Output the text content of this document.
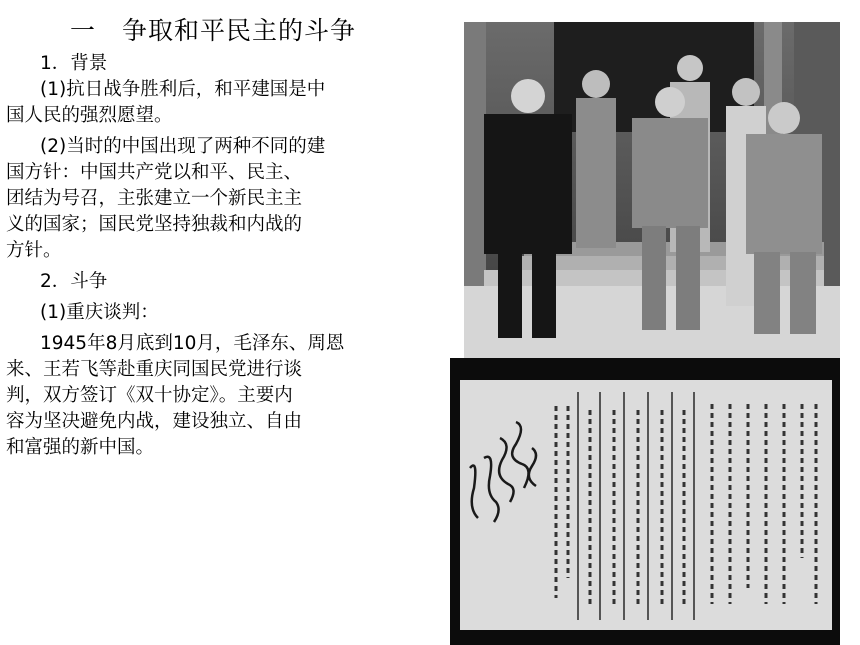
一 争取和平民主的斗争
1．背景
(1)抗日战争胜利后，和平建国是中
国人民的强烈愿望。
(2)当时的中国出现了两种不同的建
国方针：中国共产党以和平、民主、
团结为号召，主张建立一个新民主主
义的国家；国民党坚持独裁和内战的
方针。
2．斗争
(1)重庆谈判：
1945年8月底到10月，毛泽东、周恩
来、王若飞等赴重庆同国民党进行谈
判，双方签订《双十协定》。主要内
容为坚决避免内战，建设独立、自由
和富强的新中国。
